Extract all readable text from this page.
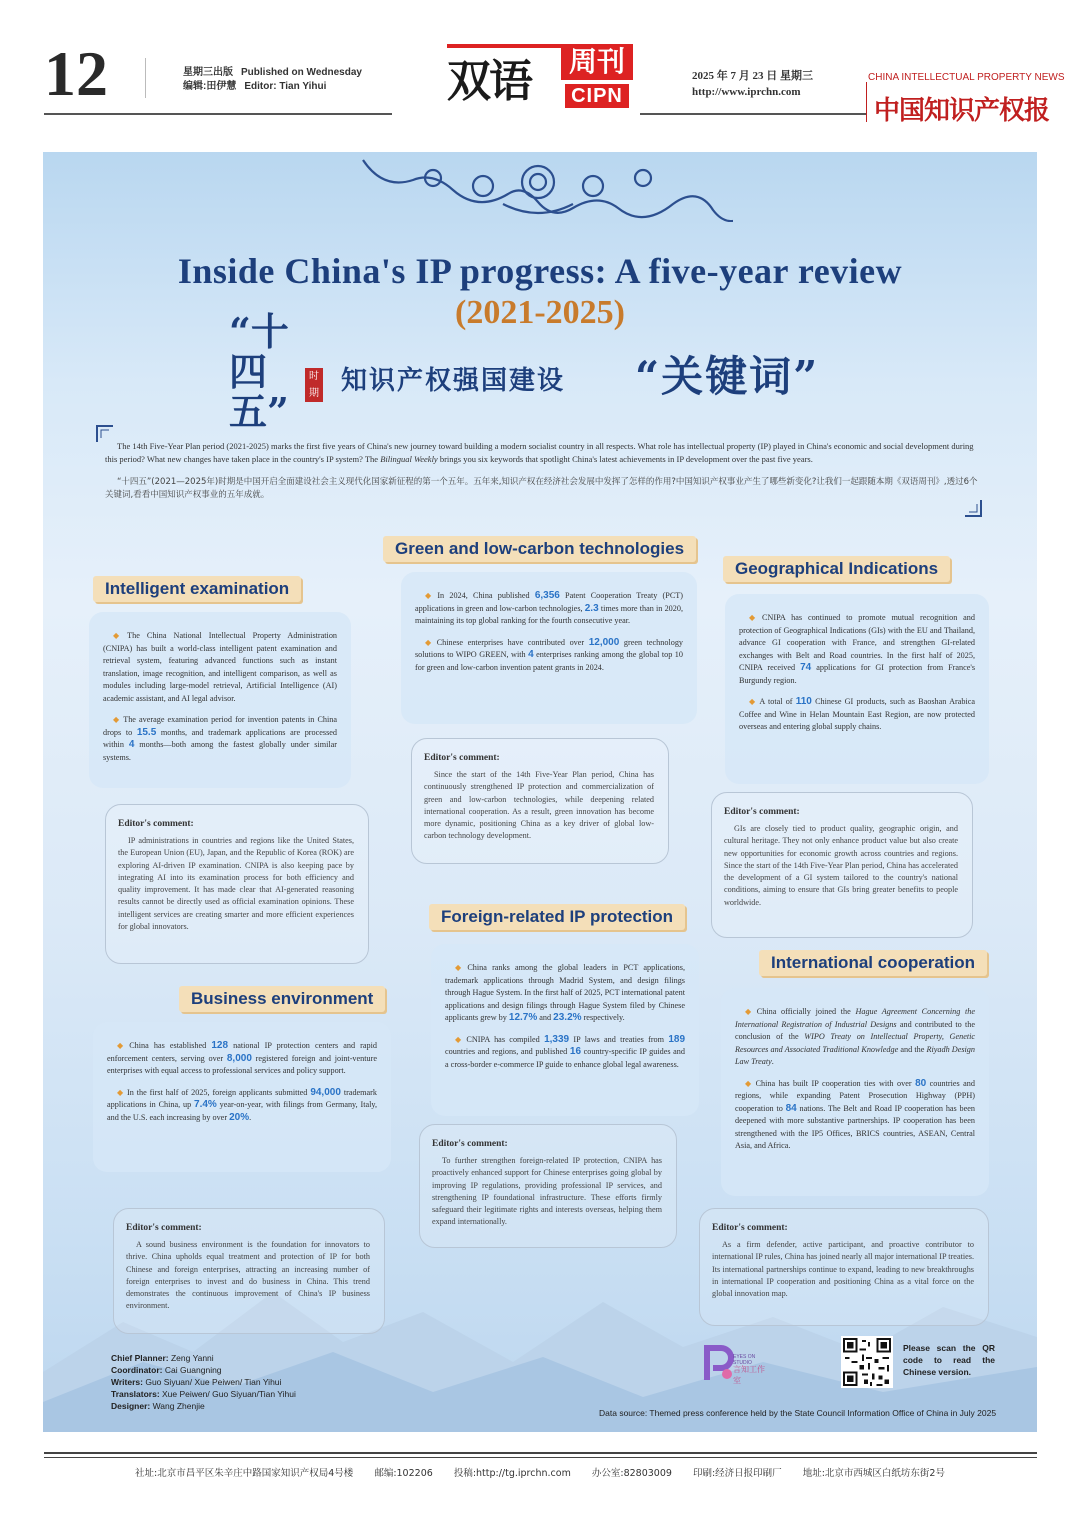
12	星期三出版 Published on Wednesday
编辑:田伊慧 Editor: Tian Yihui	双语	周刊
CIPN
2025 年 7 月 23 日 星期三
http://www.iprchn.com
CHINA INTELLECTUAL PROPERTY NEWS
中国知识产权报
Inside China's IP progress: A five-year review
(2021-2025)
“十四五”
时期 知识产权强国建设 “关键词”
The 14th Five-Year Plan period (2021-2025) marks the first five years of China's new journey toward building a modern socialist country in all respects. What role has intellectual property (IP) played in China's economic and social development during this period? What new changes have taken place in the country's IP system? The Bilingual Weekly brings you six keywords that spotlight China's latest achievements in IP development over the past five years.
“十四五”(2021—2025年)时期是中国开启全面建设社会主义现代化国家新征程的第一个五年。五年来,知识产权在经济社会发展中发挥了怎样的作用?中国知识产权事业产生了哪些新变化?让我们一起跟随本期《双语周刊》,透过6个关键词,看看中国知识产权事业的五年成就。
Intelligent examination

◆ The China National Intellectual Property Administration (CNIPA) has built a world-class intelligent patent examination and retrieval system, featuring advanced functions such as instant translation, image recognition, and intelligent comparison, as well as modules including large-model retrieval, Artificial Intelligence (AI) academic assistant, and AI legal advisor.

◆ The average examination period for invention patents in China drops to 15.5 months, and trademark applications are processed within 4 months—both among the fastest globally under similar systems.

Editor's comment:

IP administrations in countries and regions like the United States, the European Union (EU), Japan, and the Republic of Korea (ROK) are exploring AI-driven IP examination. CNIPA is also keeping pace by integrating AI into its examination process for both efficiency and quality improvement. It has made clear that AI-generated reasoning results cannot be directly used as official examination opinions. These intelligent services are creating smarter and more efficient experiences for global innovators.

Green and low-carbon technologies

◆ In 2024, China published 6,356 Patent Cooperation Treaty (PCT) applications in green and low-carbon technologies, 2.3 times more than in 2020, maintaining its top global ranking for the fourth consecutive year.

◆ Chinese enterprises have contributed over 12,000 green technology solutions to WIPO GREEN, with 4 enterprises ranking among the global top 10 for green and low-carbon invention patent grants in 2024.

Editor's comment:

Since the start of the 14th Five-Year Plan period, China has continuously strengthened IP protection and commercialization of green and low-carbon technologies, while deepening related international cooperation. As a result, green innovation has become more dynamic, positioning China as a key driver of global low-carbon technology development.

Geographical Indications

◆ CNIPA has continued to promote mutual recognition and protection of Geographical Indications (GIs) with the EU and Thailand, advance GI cooperation with France, and strengthen GI-related exchanges with Belt and Road countries. In the first half of 2025, CNIPA received 74 applications for GI protection from France's Burgundy region.

◆ A total of 110 Chinese GI products, such as Baoshan Arabica Coffee and Wine in Helan Mountain East Region, are now protected overseas and entering global supply chains.

Editor's comment:

GIs are closely tied to product quality, geographic origin, and cultural heritage. They not only enhance product value but also create new opportunities for economic growth across countries and regions. Since the start of the 14th Five-Year Plan period, China has accelerated the development of a GI system tailored to the country's national conditions, aiming to ensure that GIs bring greater benefits to people worldwide.

Business environment

◆ China has established 128 national IP protection centers and rapid enforcement centers, serving over 8,000 registered foreign and joint-venture enterprises with equal access to professional services and policy support.

◆ In the first half of 2025, foreign applicants submitted 94,000 trademark applications in China, up 7.4% year-on-year, with filings from Germany, Italy, and the U.S. each increasing by over 20%.

Editor's comment:

A sound business environment is the foundation for innovators to thrive. China upholds equal treatment and protection of IP for both Chinese and foreign enterprises, attracting an increasing number of foreign enterprises to invest and do business in China. This trend demonstrates the continuous improvement of China's IP business environment.

Foreign-related IP protection

◆ China ranks among the global leaders in PCT applications, trademark applications through Madrid System, and design filings through Hague System. In the first half of 2025, PCT international patent applications and design filings through Hague System filed by Chinese applicants grew by 12.7% and 23.2% respectively.

◆ CNIPA has compiled 1,339 IP laws and treaties from 189 countries and regions, and published 16 country-specific IP guides and a cross-border e-commerce IP guide to enhance global legal awareness.

Editor's comment:

To further strengthen foreign-related IP protection, CNIPA has proactively enhanced support for Chinese enterprises going global by improving IP regulations, providing professional IP services, and strengthening IP foundational infrastructure. These efforts firmly safeguard their legitimate rights and interests overseas, helping them expand internationally.

International cooperation

◆ China officially joined the Hague Agreement Concerning the International Registration of Industrial Designs and contributed to the conclusion of the WIPO Treaty on Intellectual Property, Genetic Resources and Associated Traditional Knowledge and the Riyadh Design Law Treaty.

◆ China has built IP cooperation ties with over 80 countries and regions, while expanding Patent Prosecution Highway (PPH) cooperation to 84 nations. The Belt and Road IP cooperation has been deepened with more substantive partnerships. IP cooperation has been strengthened with the IP5 Offices, BRICS countries, ASEAN, Central Asia, and Africa.

Editor's comment:

As a firm defender, active participant, and proactive contributor to international IP rules, China has joined nearly all major international IP treaties. Its international partnerships continue to expand, leading to new breakthroughs in international IP cooperation and positioning China as a vital force on the global innovation map.

Chief Planner: Zeng Yanni
Coordinator: Cai Guangning
Writers: Guo Siyuan/ Xue Peiwen/ Tian Yihui
Translators: Xue Peiwen/ Guo Siyuan/Tian Yihui
Designer: Wang Zhenjie
EYES ON STUDIO
言知工作室
Please scan the QR code to read the Chinese version.
Data source: Themed press conference held by the State Council Information Office of China in July 2025
社址:北京市昌平区朱辛庄中路国家知识产权局4号楼 邮编:102206 投稿:http://tg.iprchn.com 办公室:82803009 印刷:经济日报印刷厂 地址:北京市西城区白纸坊东街2号
